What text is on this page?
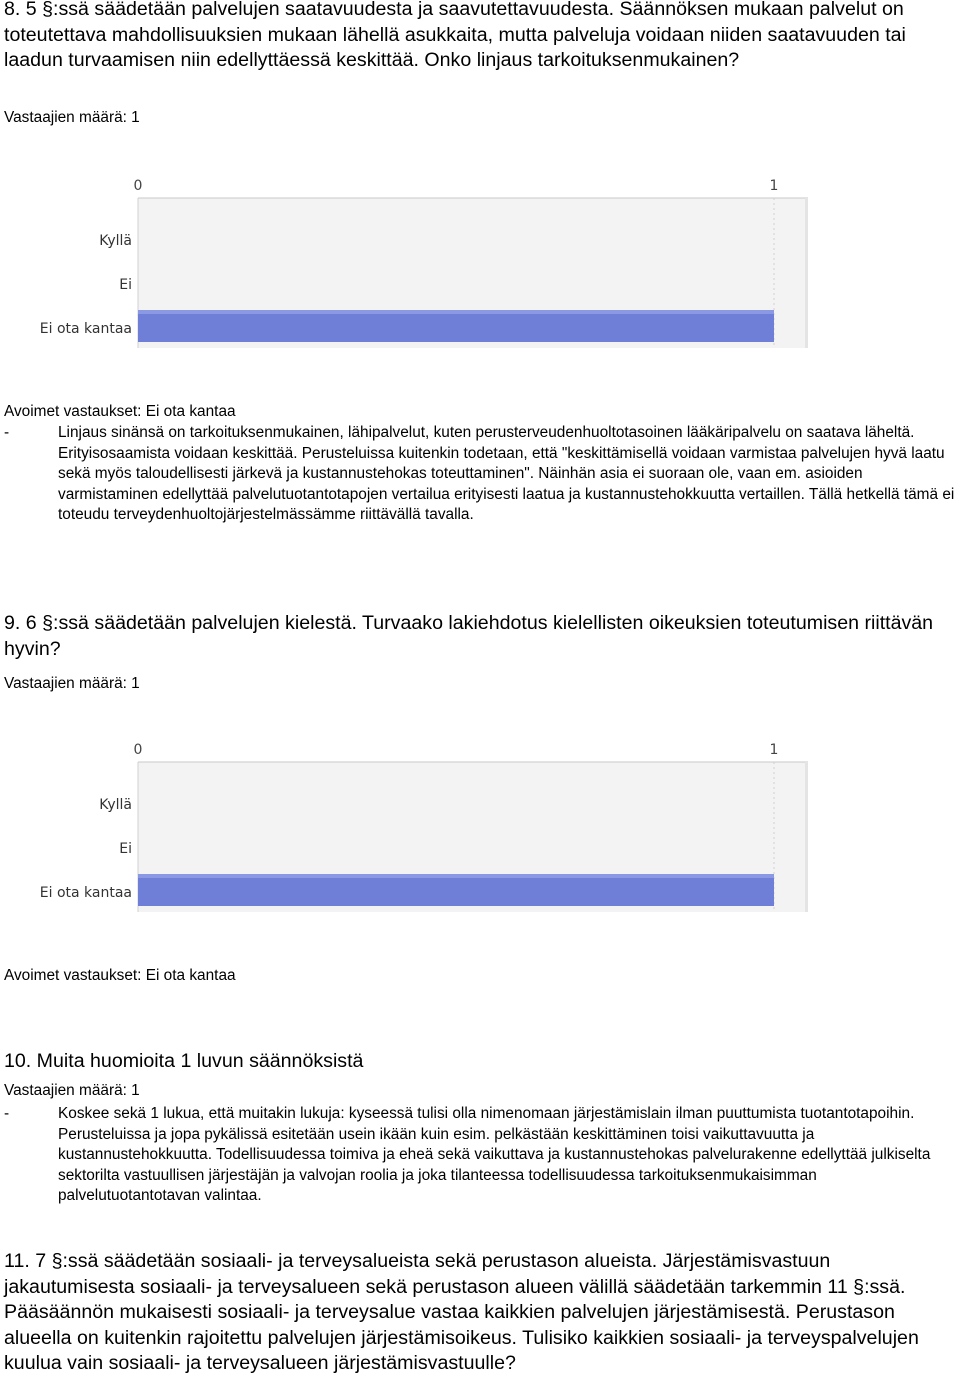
8. 5 §:ssä säädetään palvelujen saatavuudesta ja saavutettavuudesta. Säännöksen mukaan palvelut on toteutettava mahdollisuuksien mukaan lähellä asukkaita, mutta palveluja voidaan niiden saatavuuden tai laadun turvaamisen niin edellyttäessä keskittää. Onko linjaus tarkoituksenmukainen?

Vastaajien määrä: 1

0	1
Kyllä
Ei
Ei ota kantaa

Avoimet vastaukset: Ei ota kantaa

-	Linjaus sinänsä on tarkoituksenmukainen, lähipalvelut, kuten perusterveudenhuoltotasoinen lääkäripalvelu on saatava läheltä. Erityisosaamista voidaan keskittää. Perusteluissa kuitenkin todetaan, että "keskittämisellä voidaan varmistaa palvelujen hyvä laatu sekä myös taloudellisesti järkevä ja kustannustehokas toteuttaminen". Näinhän asia ei suoraan ole, vaan em. asioiden varmistaminen edellyttää palvelutuotantotapojen vertailua erityisesti laatua ja kustannustehokkuutta vertaillen. Tällä hetkellä tämä ei toteudu terveydenhuoltojärjestelmässämme riittävällä tavalla.

9. 6 §:ssä säädetään palvelujen kielestä. Turvaako lakiehdotus kielellisten oikeuksien toteutumisen riittävän hyvin?

Vastaajien määrä: 1

0	1
Kyllä
Ei
Ei ota kantaa

Avoimet vastaukset: Ei ota kantaa

10. Muita huomioita 1 luvun säännöksistä

Vastaajien määrä: 1

-	Koskee sekä 1 lukua, että muitakin lukuja: kyseessä tulisi olla nimenomaan järjestämislain ilman puuttumista tuotantotapoihin. Perusteluissa ja jopa pykälissä esitetään usein ikään kuin esim. pelkästään keskittäminen toisi vaikuttavuutta ja kustannustehokkuutta. Todellisuudessa toimiva ja eheä sekä vaikuttava ja kustannustehokas palvelurakenne edellyttää julkiselta sektorilta vastuullisen järjestäjän ja valvojan roolia ja joka tilanteessa todellisuudessa tarkoituksenmukaisimman palvelutuotantotavan valintaa.

11. 7 §:ssä säädetään sosiaali- ja terveysalueista sekä perustason alueista. Järjestämisvastuun jakautumisesta sosiaali- ja terveysalueen sekä perustason alueen välillä säädetään tarkemmin 11 §:ssä. Pääsäännön mukaisesti sosiaali- ja terveysalue vastaa kaikkien palvelujen järjestämisestä. Perustason alueella on kuitenkin rajoitettu palvelujen järjestämisoikeus. Tulisiko kaikkien sosiaali- ja terveyspalvelujen kuulua vain sosiaali- ja terveysalueen järjestämisvastuulle?
